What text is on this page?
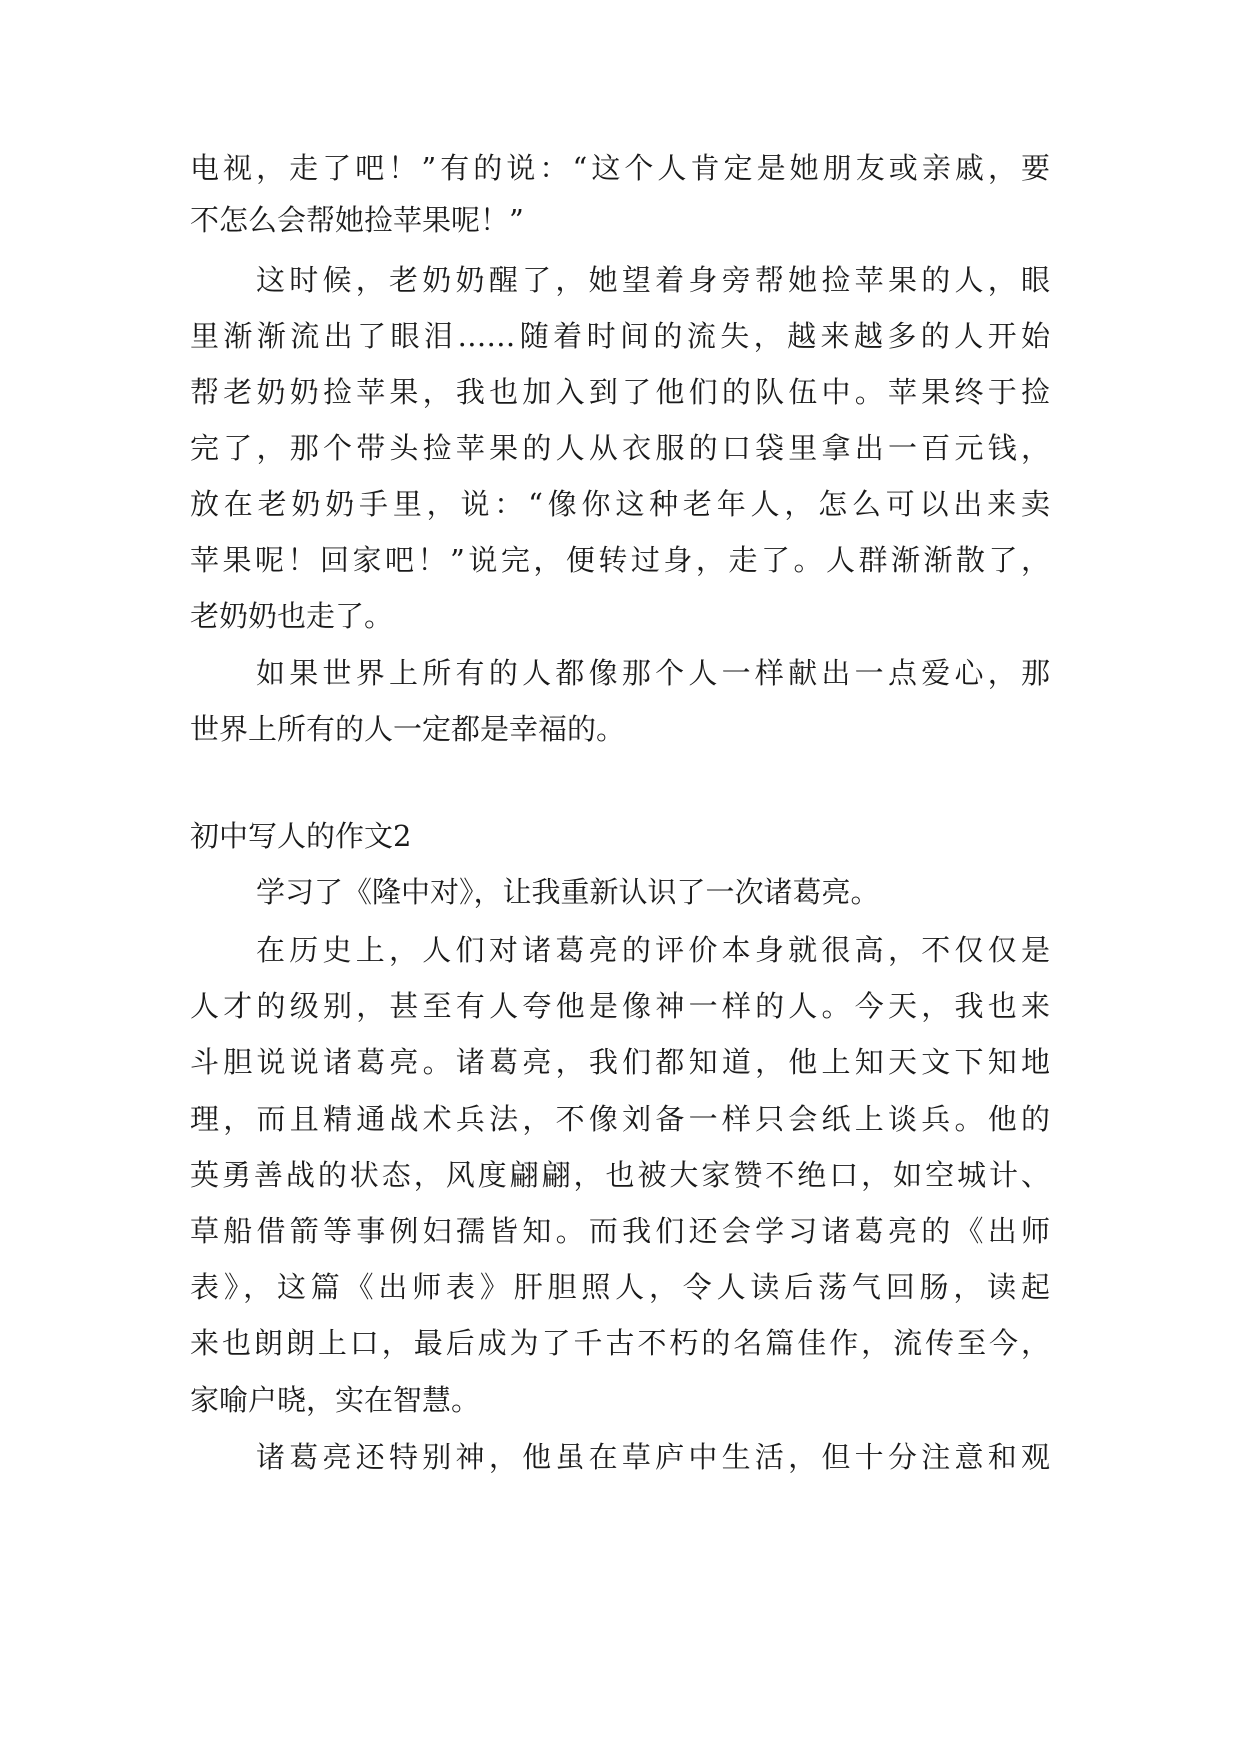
电视，走了吧！”有的说：“这个人肯定是她朋友或亲戚，要
不怎么会帮她捡苹果呢！”
这时候，老奶奶醒了，她望着身旁帮她捡苹果的人，眼
里渐渐流出了眼泪……随着时间的流失，越来越多的人开始
帮老奶奶捡苹果，我也加入到了他们的队伍中。苹果终于捡
完了，那个带头捡苹果的人从衣服的口袋里拿出一百元钱，
放在老奶奶手里，说：“像你这种老年人，怎么可以出来卖
苹果呢！回家吧！”说完，便转过身，走了。人群渐渐散了，
老奶奶也走了。
如果世界上所有的人都像那个人一样献出一点爱心，那
世界上所有的人一定都是幸福的。
初中写人的作文2
学习了《隆中对》，让我重新认识了一次诸葛亮。
在历史上，人们对诸葛亮的评价本身就很高，不仅仅是
人才的级别，甚至有人夸他是像神一样的人。今天，我也来
斗胆说说诸葛亮。诸葛亮，我们都知道，他上知天文下知地
理，而且精通战术兵法，不像刘备一样只会纸上谈兵。他的
英勇善战的状态，风度翩翩，也被大家赞不绝口，如空城计、
草船借箭等事例妇孺皆知。而我们还会学习诸葛亮的《出师
表》，这篇《出师表》肝胆照人，令人读后荡气回肠，读起
来也朗朗上口，最后成为了千古不朽的名篇佳作，流传至今，
家喻户晓，实在智慧。
诸葛亮还特别神，他虽在草庐中生活，但十分注意和观
